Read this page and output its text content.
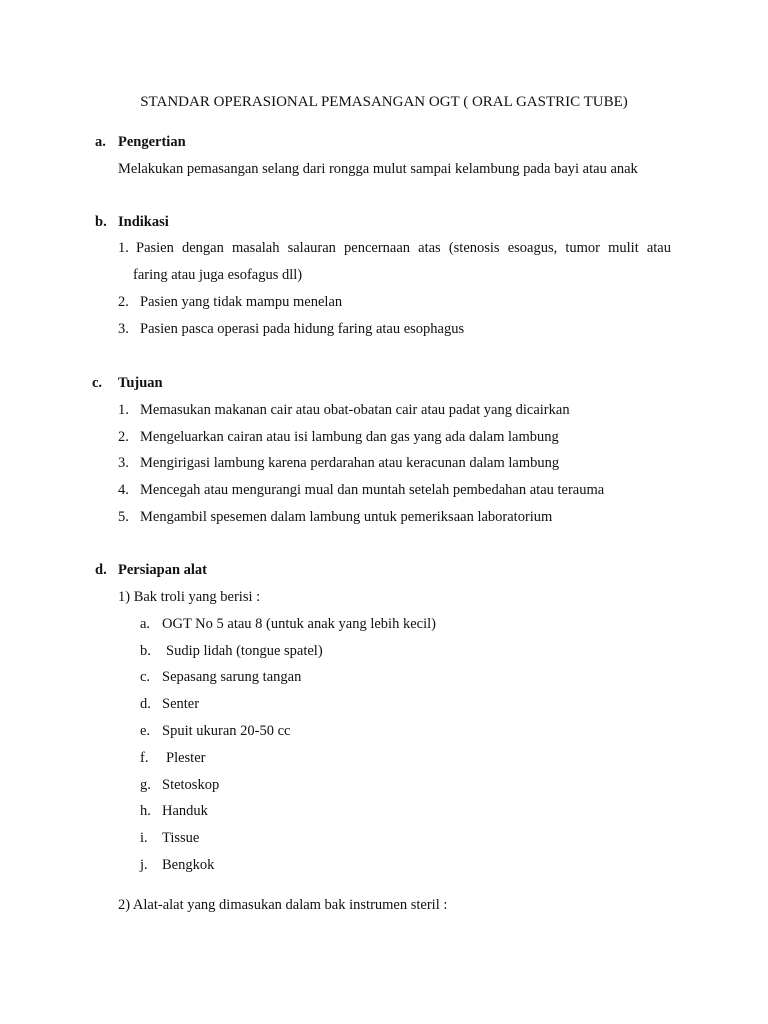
STANDAR OPERASIONAL PEMASANGAN OGT ( ORAL GASTRIC TUBE)
a. Pengertian
Melakukan pemasangan selang dari rongga mulut sampai kelambung pada bayi atau anak
b. Indikasi
1. Pasien dengan masalah salauran pencernaan atas (stenosis esoagus, tumor mulit atau
faring atau juga esofagus dll)
2. Pasien yang tidak mampu menelan
3. Pasien pasca operasi pada hidung faring atau esophagus
c. Tujuan
1. Memasukan makanan cair atau obat-obatan cair atau padat yang dicairkan
2. Mengeluarkan cairan atau isi lambung dan gas yang ada dalam lambung
3. Mengirigasi lambung karena perdarahan atau keracunan dalam lambung
4. Mencegah atau mengurangi mual dan muntah setelah pembedahan atau terauma
5. Mengambil spesemen dalam lambung untuk pemeriksaan laboratorium
d. Persiapan alat
1) Bak troli yang berisi :
a. OGT No 5 atau 8 (untuk anak yang lebih kecil)
b. Sudip lidah (tongue spatel)
c. Sepasang sarung tangan
d. Senter
e. Spuit ukuran 20-50 cc
f. Plester
g. Stetoskop
h. Handuk
i. Tissue
j. Bengkok
2) Alat-alat yang dimasukan dalam bak instrumen steril :
